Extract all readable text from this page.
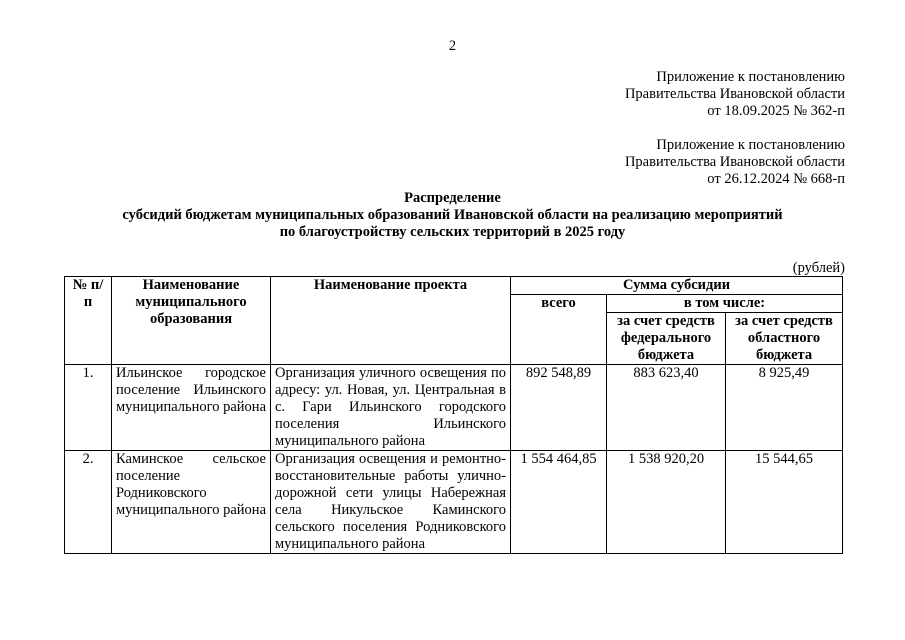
2
Приложение к постановлению
Правительства Ивановской области
от 18.09.2025 № 362-п
Приложение к постановлению
Правительства Ивановской области
от 26.12.2024 № 668-п
Распределение
субсидий бюджетам муниципальных образований Ивановской области на реализацию мероприятий
по благоустройству сельских территорий в 2025 году
(рублей)
№ п/п	Наименование муниципального образования	Наименование проекта	Сумма субсидии		
			всего	в том числе:	
				за счет средств федерального бюджета	за счет средств областного бюджета
1.	Ильинское городское поселение Ильинского муниципального района	Организация уличного освещения по адресу: ул. Новая, ул. Центральная в с. Гари Ильинского городского поселения Ильинского муниципального района	892 548,89	883 623,40	8 925,49
2.	Каминское сельское поселение Родниковского муниципального района	Организация освещения и ремонтно-восстановительные работы улично-дорожной сети улицы Набережная села Никульское Каминского сельского поселения Родниковского муниципального района	1 554 464,85	1 538 920,20	15 544,65
